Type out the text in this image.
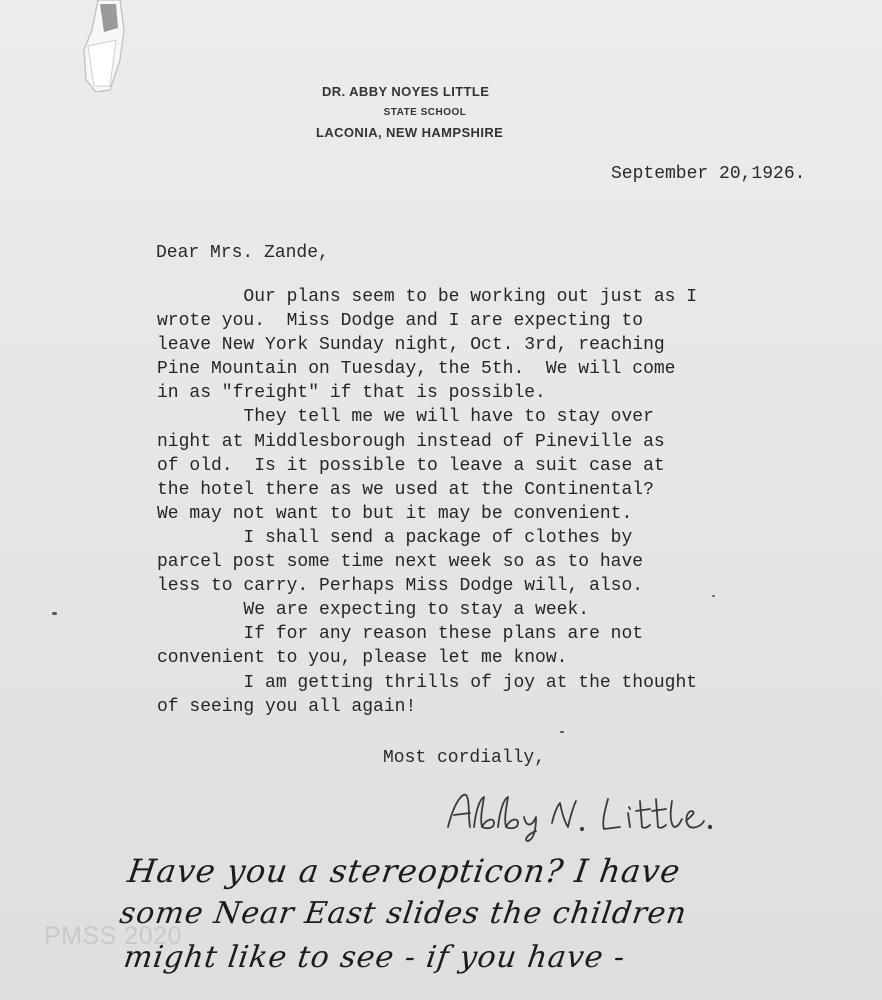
DR. ABBY NOYES LITTLE
STATE SCHOOL
LACONIA, NEW HAMPSHIRE
September 20,1926.
Dear Mrs. Zande,
Our plans seem to be working out just as I
wrote you.  Miss Dodge and I are expecting to
leave New York Sunday night, Oct. 3rd, reaching
Pine Mountain on Tuesday, the 5th.  We will come
in as "freight" if that is possible.
They tell me we will have to stay over
night at Middlesborough instead of Pineville as
of old.  Is it possible to leave a suit case at
the hotel there as we used at the Continental?
We may not want to but it may be convenient.
I shall send a package of clothes by
parcel post some time next week so as to have
less to carry. Perhaps Miss Dodge will, also.
We are expecting to stay a week.
If for any reason these plans are not
convenient to you, please let me know.
I am getting thrills of joy at the thought
of seeing you all again!
Most cordially,
Have you a stereopticon? I have
some Near East slides the children
might like to see - if you have -
PMSS 2020
